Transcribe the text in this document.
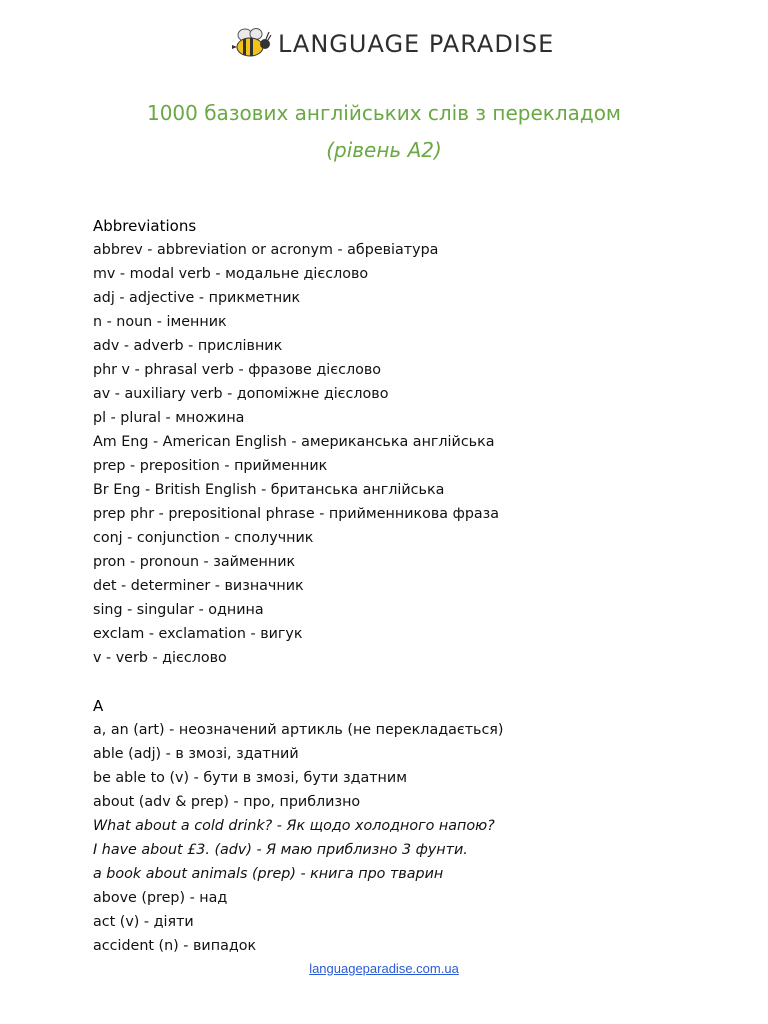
LANGUAGE PARADISE
1000 базових англійських слів з перекладом
(рівень А2)
Abbreviations
abbrev - abbreviation or acronym - абревіатура
mv - modal verb - модальне дієслово
adj - adjective - прикметник
n - noun - іменник
adv - adverb - прислівник
phr v - phrasal verb - фразове дієслово
av - auxiliary verb - допоміжне дієслово
pl - plural - множина
Am Eng - American English - американська англійська
prep - preposition - прийменник
Br Eng - British English - британська англійська
prep phr - prepositional phrase - прийменникова фраза
conj - conjunction - сполучник
pron - pronoun - займенник
det - determiner - визначник
sing - singular - однина
exclam - exclamation - вигук
v - verb - дієслово
A
a, an (art) - неозначений артикль (не перекладається)
able (adj) - в змозі, здатний
be able to (v) - бути в змозі, бути здатним
about (adv & prep) - про, приблизно
What about a cold drink? - Як щодо холодного напою?
I have about £3. (adv) - Я маю приблизно 3 фунти.
a book about animals (prep) - книга про тварин
above (prep) - над
act (v) - діяти
accident (n) - випадок
languageparadise.com.ua
